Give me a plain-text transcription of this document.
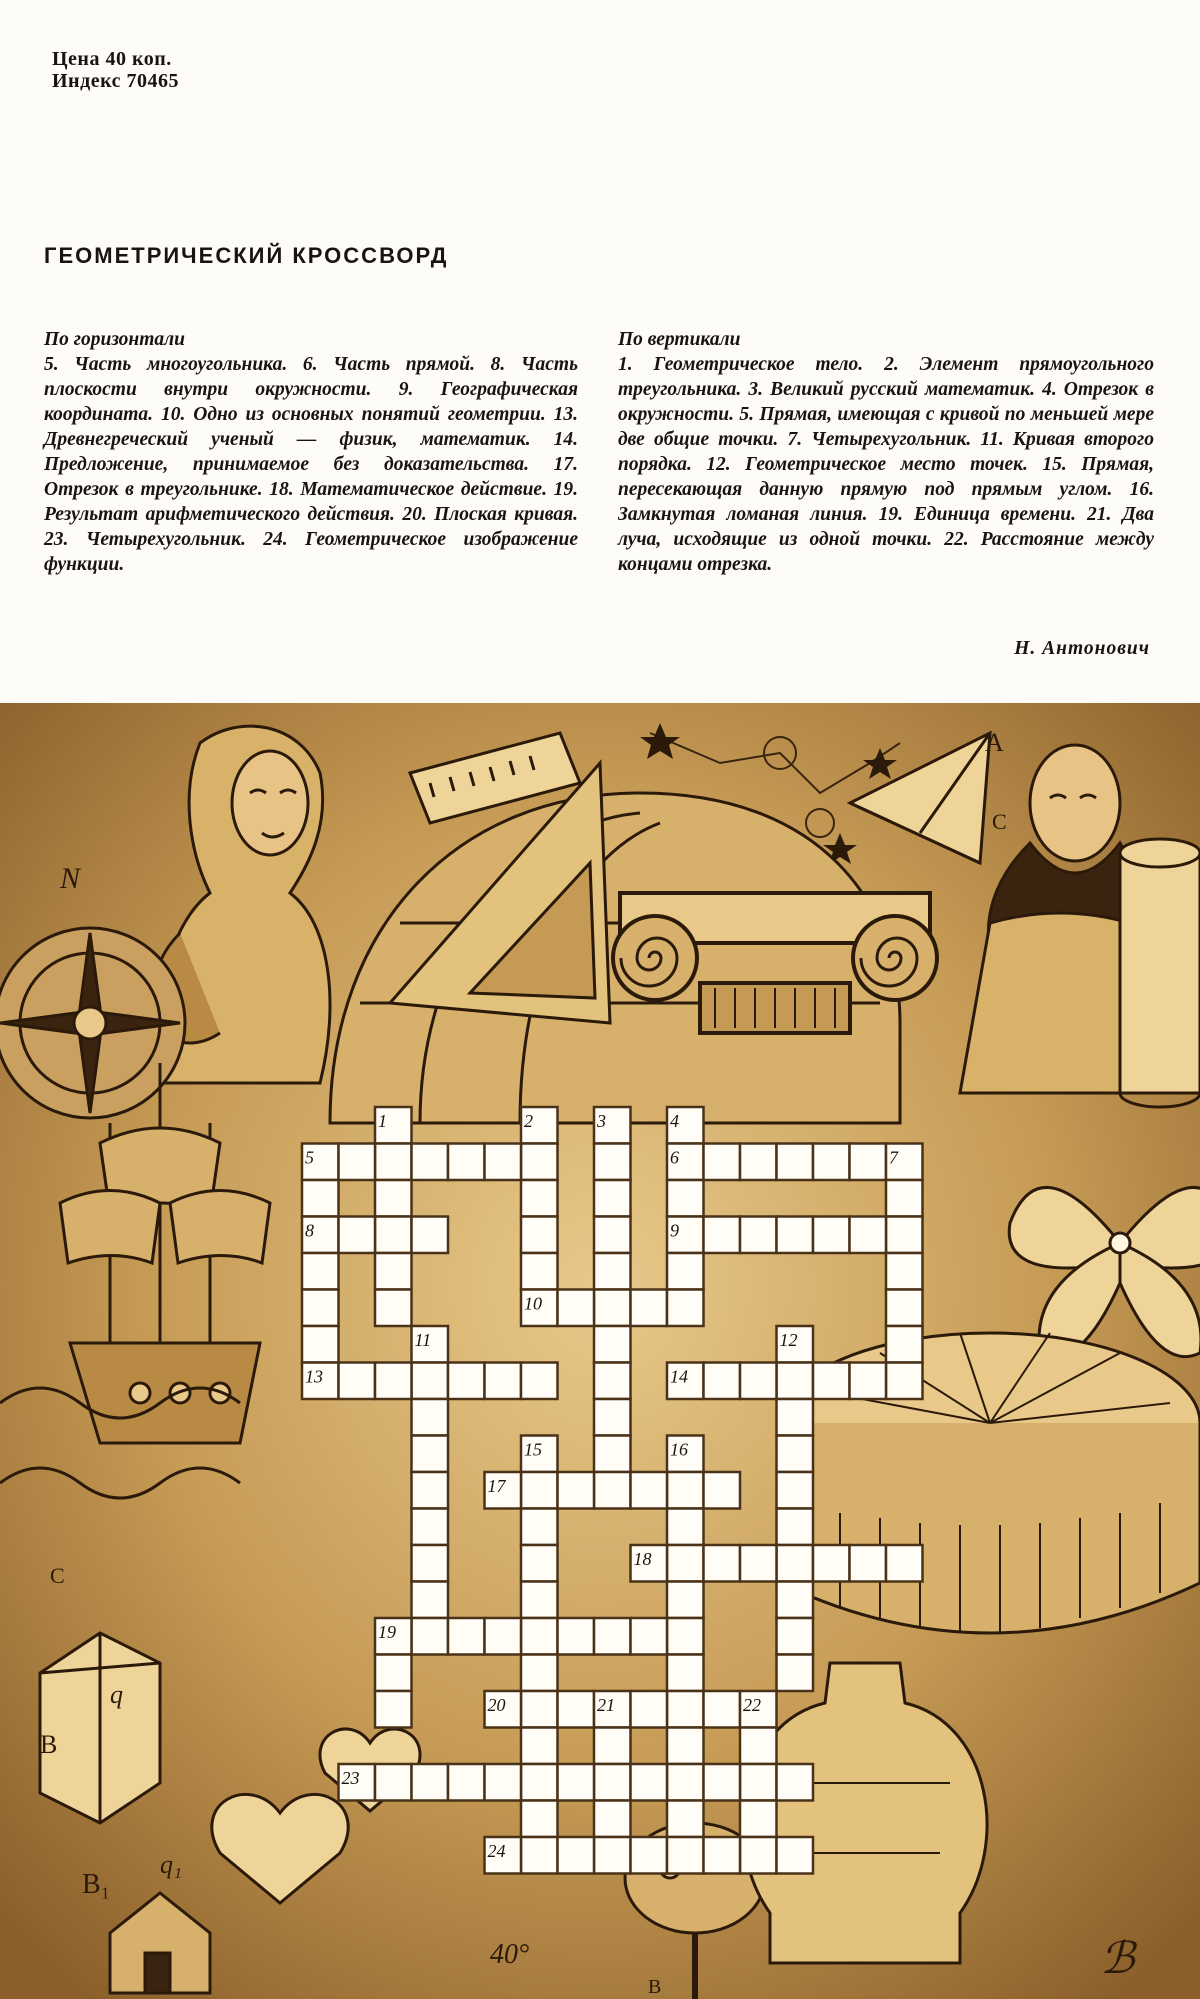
Цена 40 коп.
Индекс 70465
ГЕОМЕТРИЧЕСКИЙ КРОССВОРД
По горизонтали
5. Часть многоугольника. 6. Часть прямой. 8. Часть плоскости внутри окружности. 9. Географическая координата. 10. Одно из основных понятий геометрии. 13. Древнегреческий ученый — физик, математик. 14. Предложение, принимаемое без доказательства. 17. Отрезок в треугольнике. 18. Математическое действие. 19. Результат арифметического действия. 20. Плоская кривая. 23. Четырехугольник. 24. Геометрическое изображение функции.
По вертикали
1. Геометрическое тело. 2. Элемент прямоугольного треугольника. 3. Великий русский математик. 4. Отрезок в окружности. 5. Прямая, имеющая с кривой по меньшей мере две общие точки. 7. Четырехугольник. 11. Кривая второго порядка. 12. Геометрическое место точек. 15. Прямая, пересекающая данную прямую под прямым углом. 16. Замкнутая ломаная линия. 19. Единица времени. 21. Два луча, исходящие из одной точки. 22. Расстояние между концами отрезка.
Н. Антонович
N
A
C
B
q
B₁
q₁
C
40°	ℬ
B
1	2	3	4
5	6	7
8	9
10
11	12
13	14
15	16
17
18
19
20	21	22
23
24
